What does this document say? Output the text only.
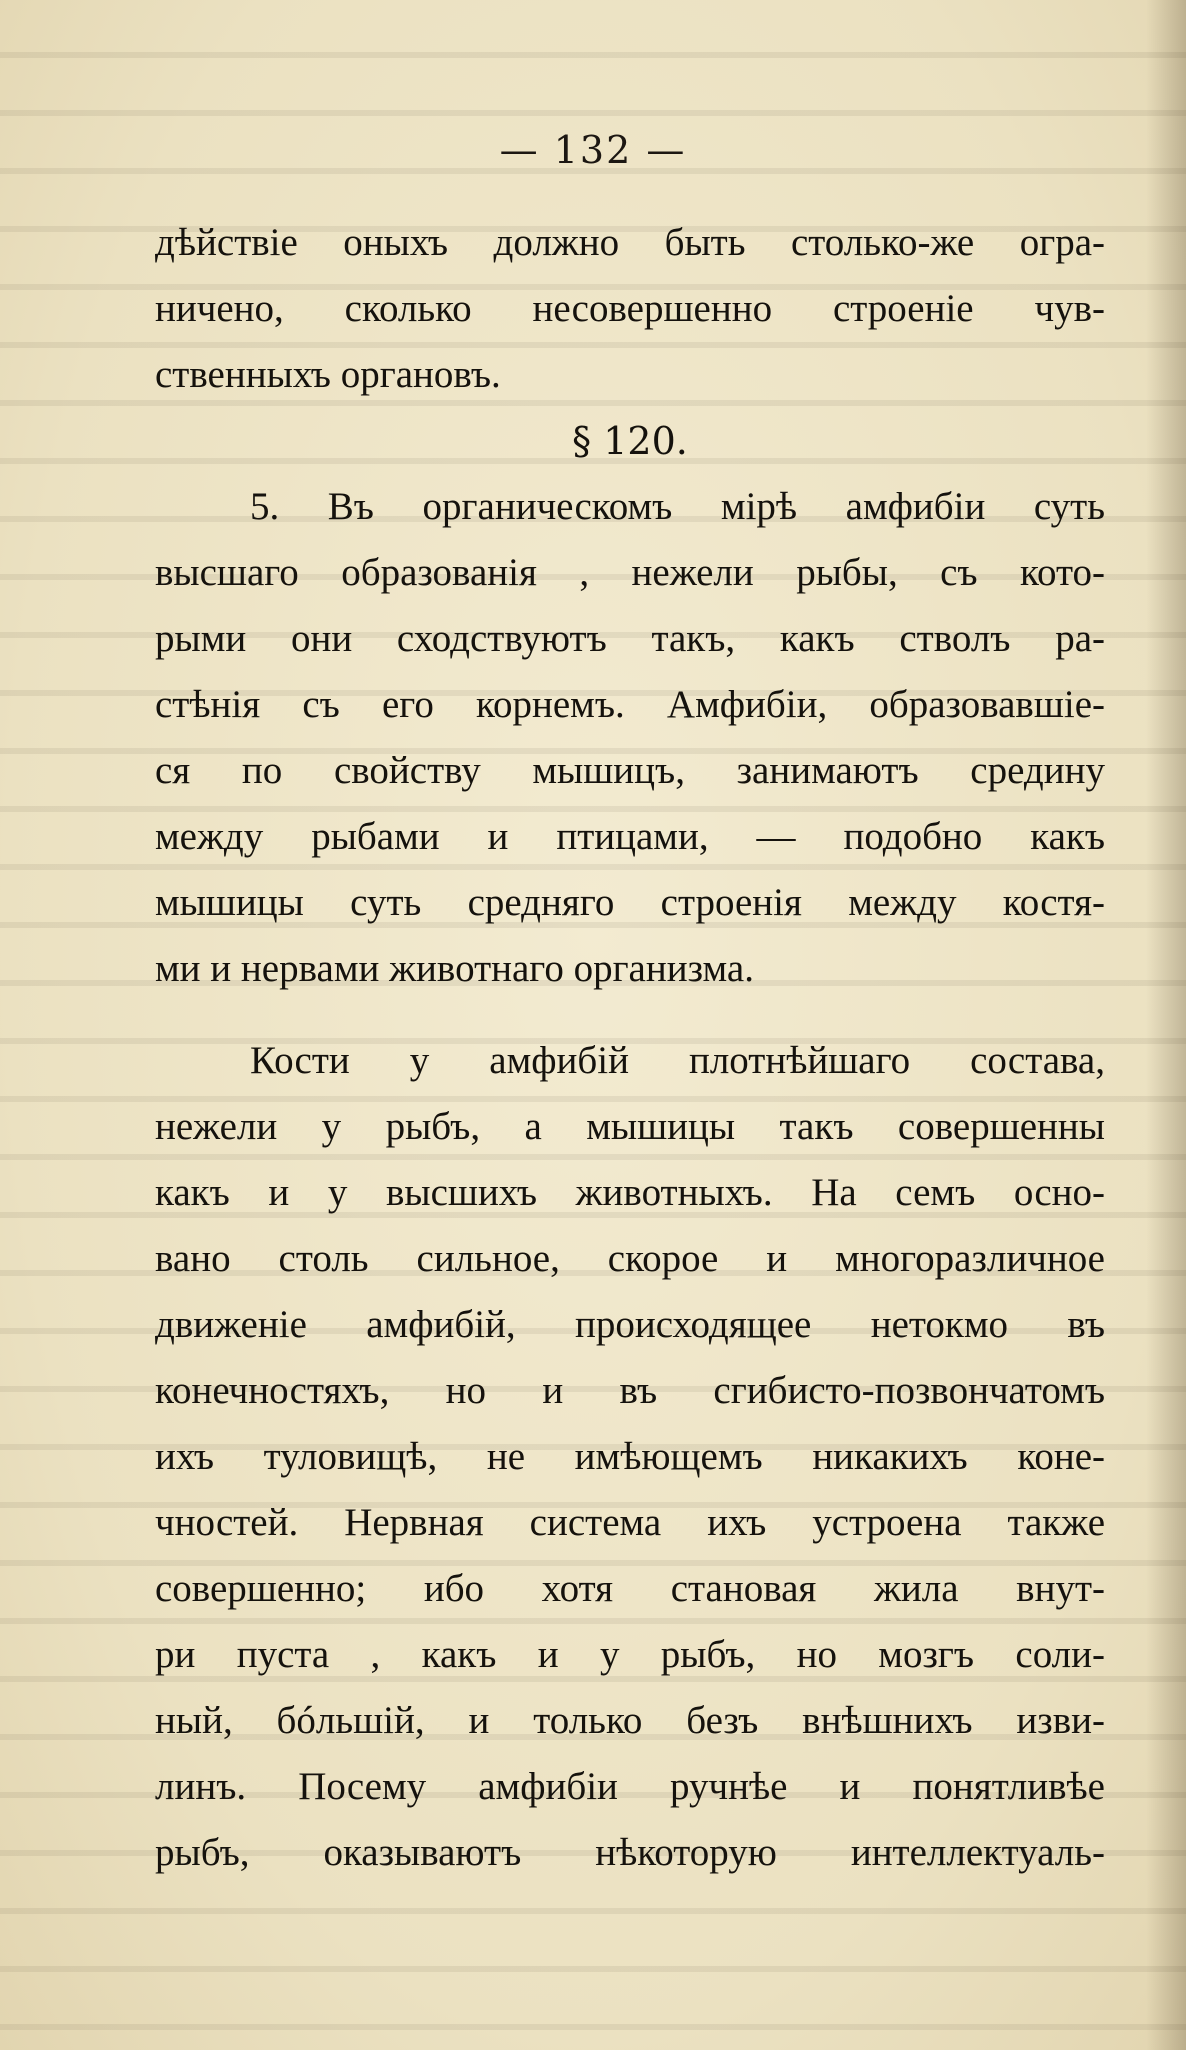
— 132 —
дѣйствіе оныхъ должно быть столько-же огра-
ничено, сколько несовершенно строеніе чув-
ственныхъ органовъ.
§ 120.
5. Въ органическомъ мірѣ амфибіи суть
высшаго образованія , нежели рыбы, съ кото-
рыми они сходствуютъ такъ, какъ стволъ ра-
стѣнія съ его корнемъ. Амфибіи, образовавшіе-
ся по свойству мышицъ, занимаютъ средину
между рыбами и птицами, — подобно какъ
мышицы суть средняго строенія между костя-
ми и нервами животнаго организма.
Кости у амфибій плотнѣйшаго состава,
нежели у рыбъ, а мышицы такъ совершенны
какъ и у высшихъ животныхъ. На семъ осно-
вано столь сильное, скорое и многоразличное
движеніе амфибій, происходящее нетокмо въ
конечностяхъ, но и въ сгибисто-позвончатомъ
ихъ туловищѣ, не имѣющемъ никакихъ коне-
чностей. Нервная система ихъ устроена также
совершенно; ибо хотя становая жила внут-
ри пуста , какъ и у рыбъ, но мозгъ соли-
ный, бóльшій, и только безъ внѣшнихъ изви-
линъ. Посему амфибіи ручнѣе и понятливѣе
рыбъ, оказываютъ нѣкоторую интеллектуаль-
